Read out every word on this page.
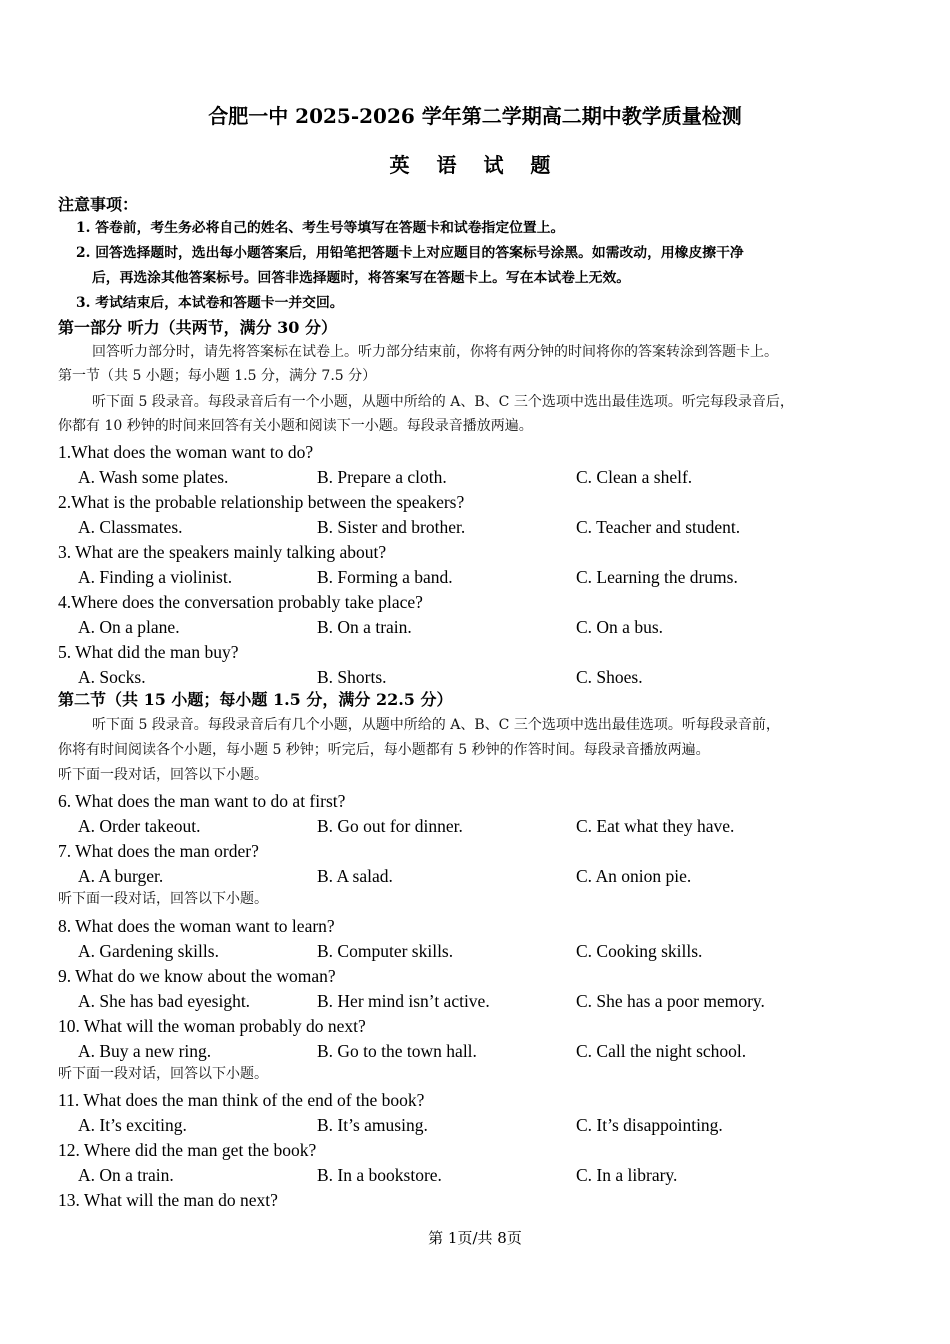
合肥一中 2025-2026 学年第二学期高二期中教学质量检测
英 语 试 题
注意事项：
1. 答卷前，考生务必将自己的姓名、考生号等填写在答题卡和试卷指定位置上。
2. 回答选择题时，选出每小题答案后，用铅笔把答题卡上对应题目的答案标号涂黑。如需改动，用橡皮擦干净
后，再选涂其他答案标号。回答非选择题时，将答案写在答题卡上。写在本试卷上无效。
3. 考试结束后，本试卷和答题卡一并交回。
第一部分 听力（共两节，满分 30 分）
回答听力部分时，请先将答案标在试卷上。听力部分结束前，你将有两分钟的时间将你的答案转涂到答题卡上。
第一节（共 5 小题；每小题 1.5 分，满分 7.5 分）
听下面 5 段录音。每段录音后有一个小题，从题中所给的 A、B、C 三个选项中选出最佳选项。听完每段录音后，
你都有 10 秒钟的时间来回答有关小题和阅读下一小题。每段录音播放两遍。
1.What does the woman want to do?
A. Wash some plates.	B. Prepare a cloth.	C. Clean a shelf.
2.What is the probable relationship between the speakers?
A. Classmates.	B. Sister and brother.	C. Teacher and student.
3. What are the speakers mainly talking about?
A. Finding a violinist.	B. Forming a band.	C. Learning the drums.
4.Where does the conversation probably take place?
A. On a plane.	B. On a train.	C. On a bus.
5. What did the man buy?
A. Socks.	B. Shorts.	C. Shoes.
第二节（共 15 小题；每小题 1.5 分，满分 22.5 分）
听下面 5 段录音。每段录音后有几个小题，从题中所给的 A、B、C 三个选项中选出最佳选项。听每段录音前，
你将有时间阅读各个小题，每小题 5 秒钟；听完后，每小题都有 5 秒钟的作答时间。每段录音播放两遍。
听下面一段对话，回答以下小题。
6. What does the man want to do at first?
A. Order takeout.	B. Go out for dinner.	C. Eat what they have.
7. What does the man order?
A. A burger.	B. A salad.	C. An onion pie.
听下面一段对话，回答以下小题。
8. What does the woman want to learn?
A. Gardening skills.	B. Computer skills.	C. Cooking skills.
9. What do we know about the woman?
A. She has bad eyesight.	B. Her mind isn’t active.	C. She has a poor memory.
10. What will the woman probably do next?
A. Buy a new ring.	B. Go to the town hall.	C. Call the night school.
听下面一段对话，回答以下小题。
11. What does the man think of the end of the book?
A. It’s exciting.	B. It’s amusing.	C. It’s disappointing.
12. Where did the man get the book?
A. On a train.	B. In a bookstore.	C. In a library.
13. What will the man do next?
第 1页/共 8页
